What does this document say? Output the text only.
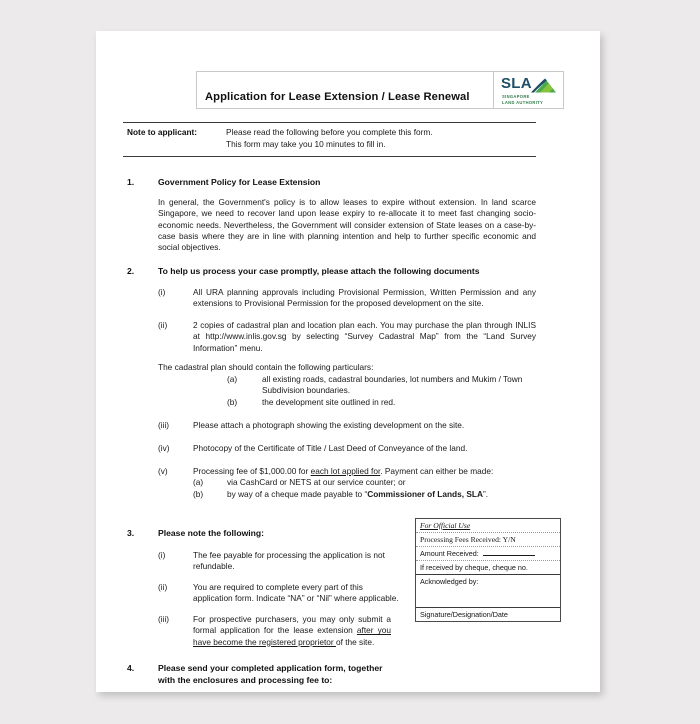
Application for Lease Extension / Lease Renewal
SLA
SINGAPORE
LAND AUTHORITY
Note to applicant:	Please read the following before you complete this form.
This form may take you 10 minutes to fill in.
1.	Government Policy for Lease Extension
In general, the Government's policy is to allow leases to expire without extension. In land scarce Singapore, we need to recover land upon lease expiry to re-allocate it to meet fast changing socio-economic needs. Nevertheless, the Government will consider extension of State leases on a case-by-case basis where they are in line with planning intention and help to further specific economic and social objectives.
2.	To help us process your case promptly, please attach the following documents
(i)	All URA planning approvals including Provisional Permission, Written Permission and any extensions to Provisional Permission for the proposed development on the site.
(ii)	2 copies of cadastral plan and location plan each. You may purchase the plan through INLIS at http://www.inlis.gov.sg by selecting “Survey Cadastral Map” from the “Land Survey Information” menu.
The cadastral plan should contain the following particulars:
(a)	all existing roads, cadastral boundaries, lot numbers and Mukim / Town Subdivision boundaries.
(b)	the development site outlined in red.
(iii)	Please attach a photograph showing the existing development on the site.
(iv)	Photocopy of the Certificate of Title / Last Deed of Conveyance of the land.
(v)	Processing fee of $1,000.00 for each lot applied for. Payment can either be made:
(a)	via CashCard or NETS at our service counter; or
(b)	by way of a cheque made payable to “Commissioner of Lands, SLA”.
3.	Please note the following:
(i)	The fee payable for processing the application is not refundable.
(ii)	You are required to complete every part of this application form. Indicate “NA” or “Nil” where applicable.
(iii)	For prospective purchasers, you may only submit a formal application for the lease extension after you have become the registered proprietor of the site.
4.	Please send your completed application form, together with the enclosures and processing fee to:
For Official Use
Processing Fees Received: Y/N
Amount Received:
If received by cheque, cheque no.
Acknowledged by:
Signature/Designation/Date
